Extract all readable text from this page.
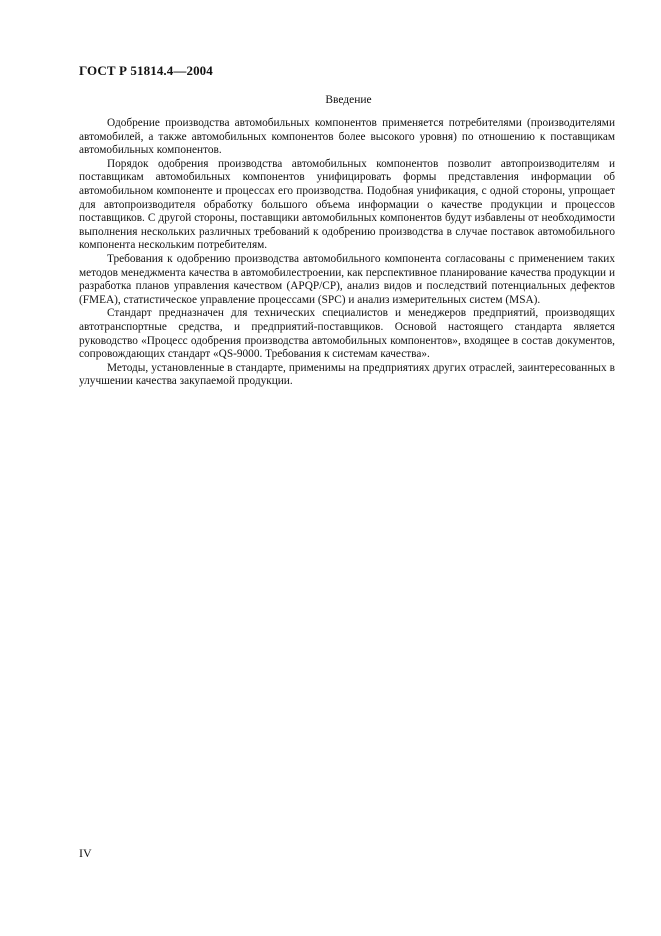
ГОСТ Р 51814.4—2004
Введение

Одобрение производства автомобильных компонентов применяется потребителями (производителями автомобилей, а также автомобильных компонентов более высокого уровня) по отношению к поставщикам автомобильных компонентов.

Порядок одобрения производства автомобильных компонентов позволит автопроизводителям и поставщикам автомобильных компонентов унифицировать формы представления информации об автомобильном компоненте и процессах его производства. Подобная унификация, с одной стороны, упрощает для автопроизводителя обработку большого объема информации о качестве продукции и процессов поставщиков. С другой стороны, поставщики автомобильных компонентов будут избавлены от необходимости выполнения нескольких различных требований к одобрению производства в случае поставок автомобильного компонента нескольким потребителям.

Требования к одобрению производства автомобильного компонента согласованы с применением таких методов менеджмента качества в автомобилестроении, как перспективное планирование качества продукции и разработка планов управления качеством (APQP/CP), анализ видов и последствий потенциальных дефектов (FMEA), статистическое управление процессами (SPC) и анализ измерительных систем (MSA).

Стандарт предназначен для технических специалистов и менеджеров предприятий, производящих автотранспортные средства, и предприятий-поставщиков. Основой настоящего стандарта является руководство «Процесс одобрения производства автомобильных компонентов», входящее в состав документов, сопровождающих стандарт «QS-9000. Требования к системам качества».

Методы, установленные в стандарте, применимы на предприятиях других отраслей, заинтересованных в улучшении качества закупаемой продукции.

IV
